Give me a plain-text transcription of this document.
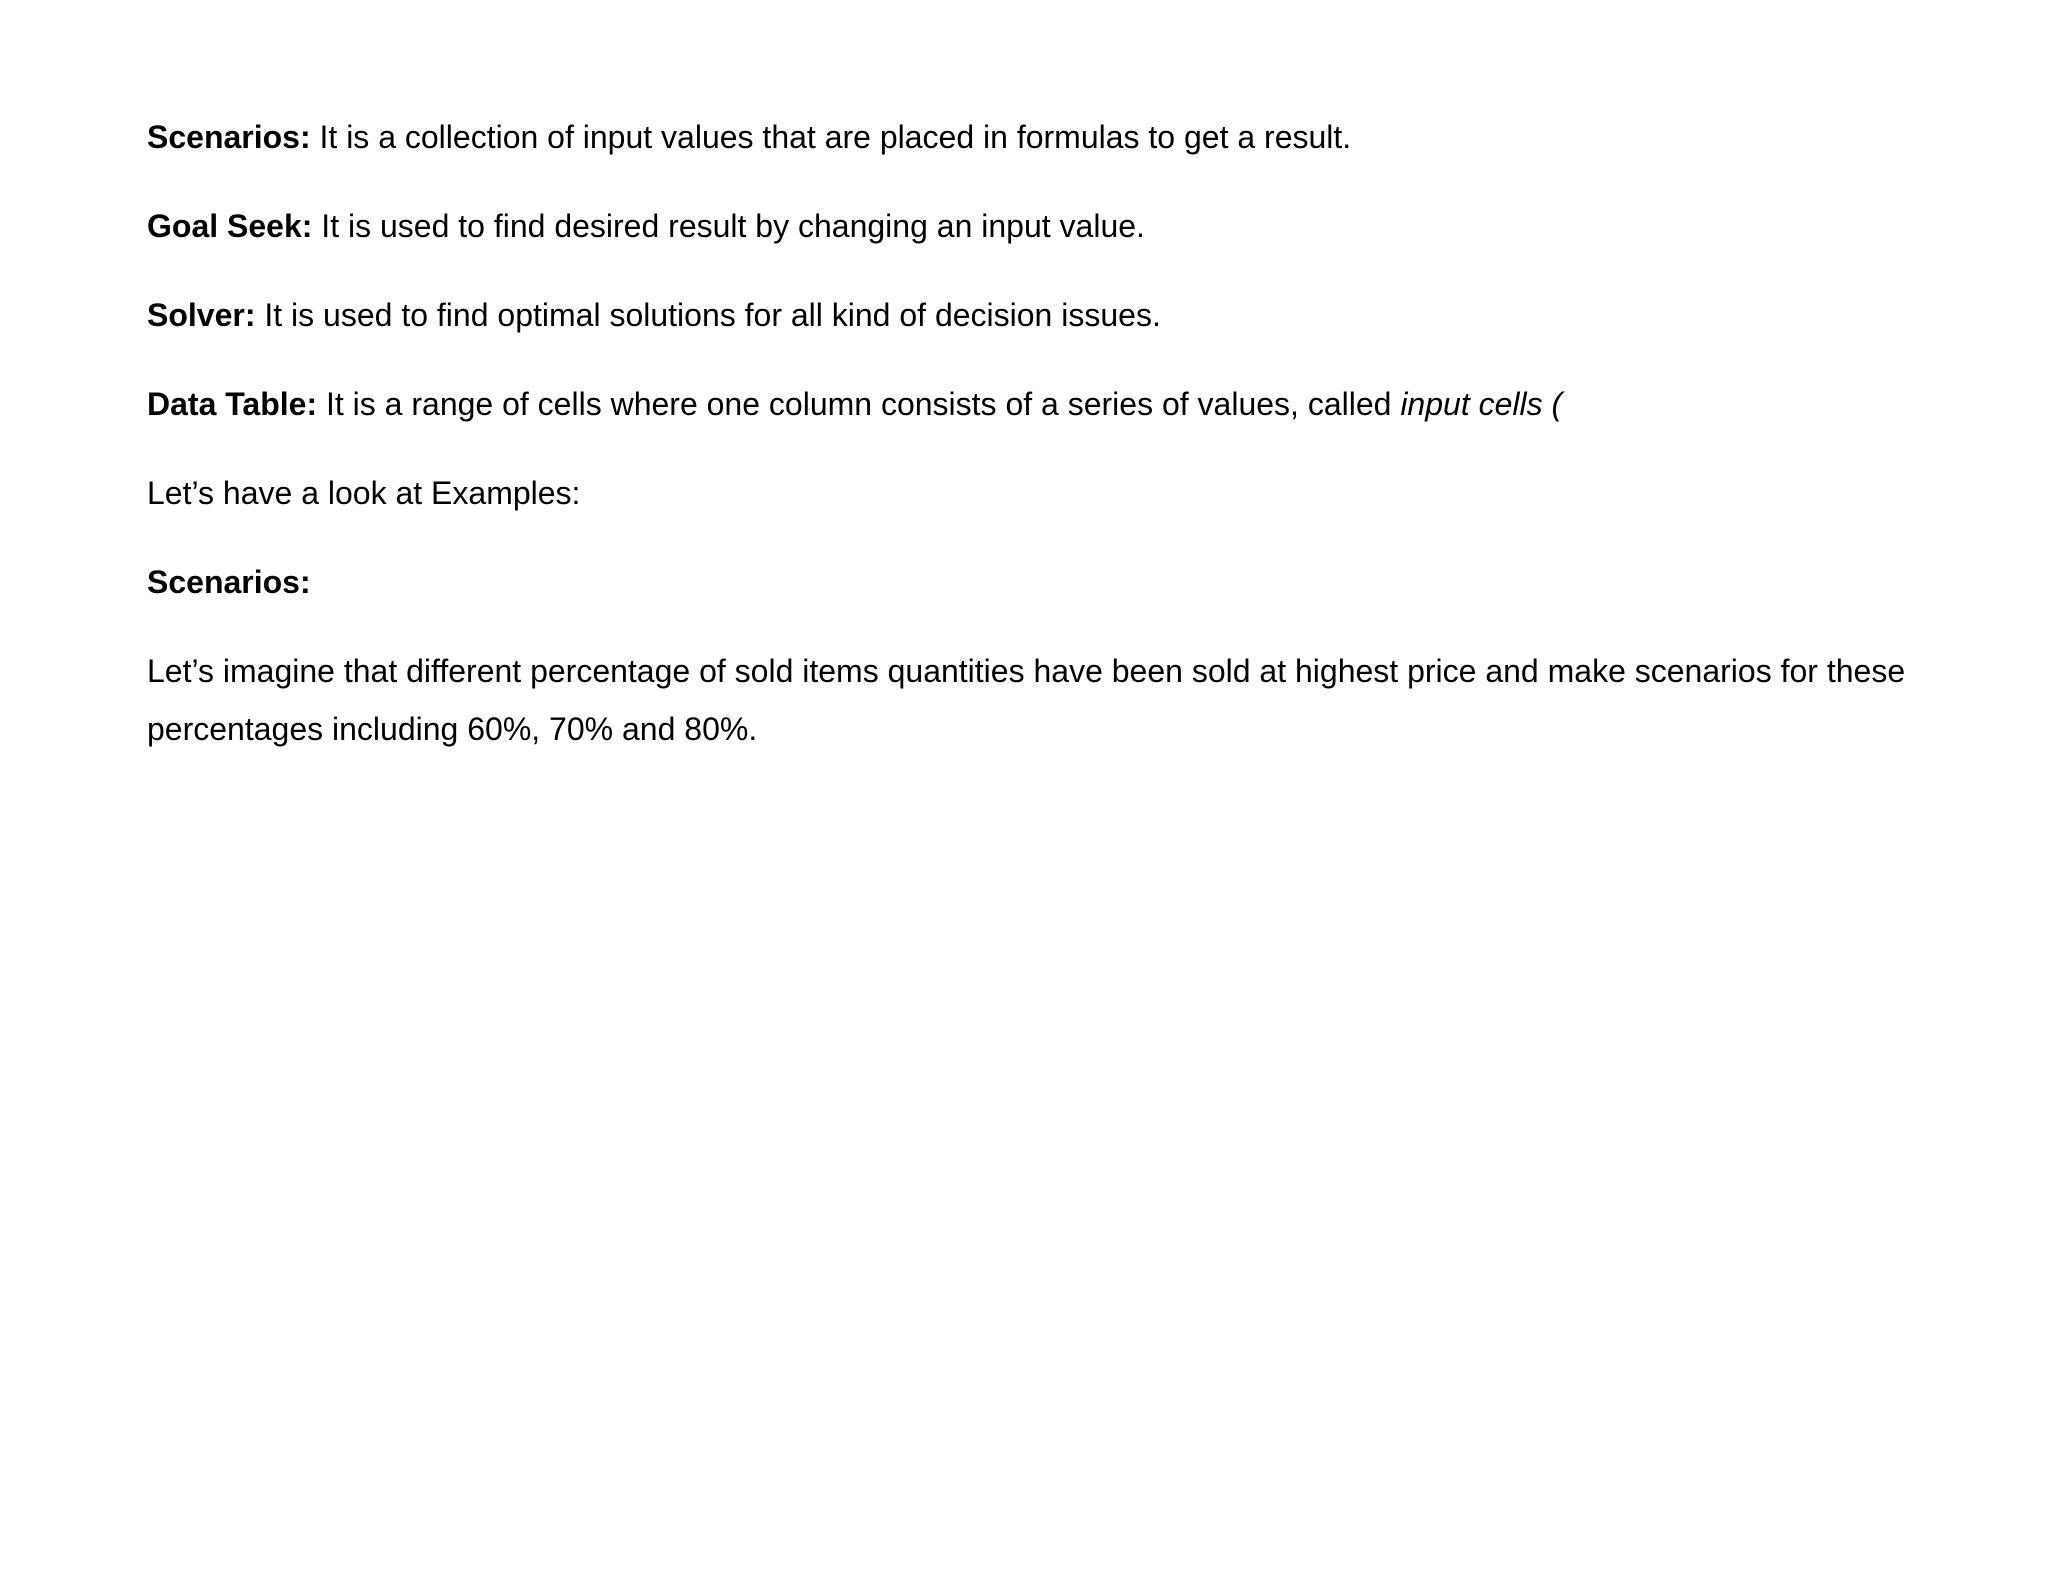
Scenarios: It is a collection of input values that are placed in formulas to get a result.

Goal Seek: It is used to find desired result by changing an input value.

Solver: It is used to find optimal solutions for all kind of decision issues.

Data Table: It is a range of cells where one column consists of a series of values, called input cells (

Let’s have a look at Examples:

Scenarios:

Let’s imagine that different percentage of sold items quantities have been sold at highest price and make scenarios for these percentages including 60%, 70% and 80%.
